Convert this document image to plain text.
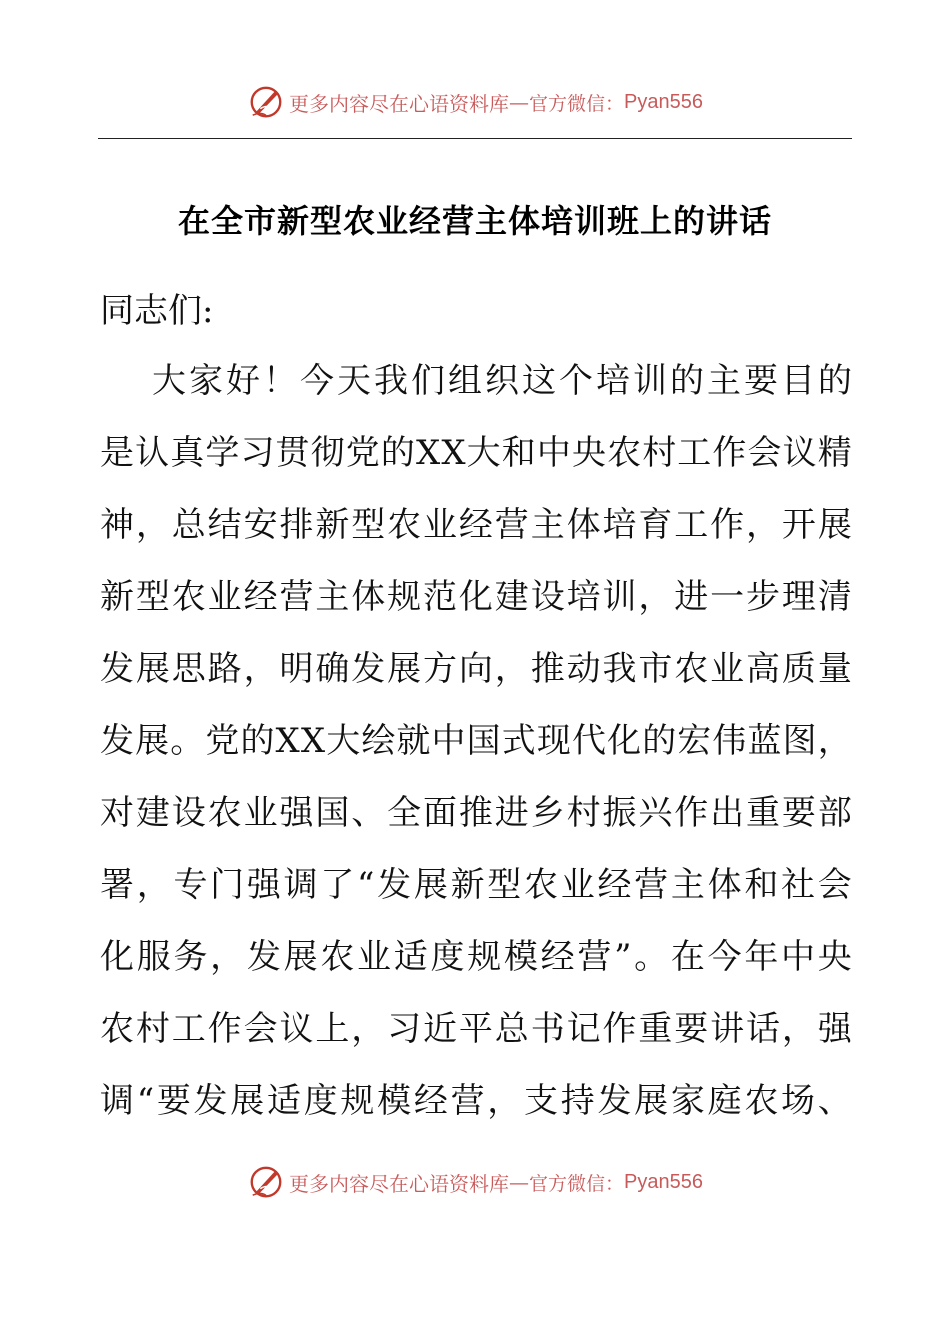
更多内容尽在心语资料库 — 官方微信： Pyan556
在全市新型农业经营主体培训班上的讲话
同志们:
大 家 好 ！ 今 天 我 们 组 织 这 个 培 训 的 主 要 目 的
是 认 真 学 习 贯 彻 党 的 X X 大 和 中 央 农 村 工 作 会 议 精
神 ， 总 结 安 排 新 型 农 业 经 营 主 体 培 育 工 作 ， 开 展
新 型 农 业 经 营 主 体 规 范 化 建 设 培 训 ， 进 一 步 理 清
发 展 思 路 ， 明 确 发 展 方 向 ， 推 动 我 市 农 业 高 质 量
发 展 。 党 的 X X 大 绘 就 中 国 式 现 代 化 的 宏 伟 蓝 图 ，
对 建 设 农 业 强 国 、 全 面 推 进 乡 村 振 兴 作 出 重 要 部
署 ， 专 门 强 调 了 “ 发 展 新 型 农 业 经 营 主 体 和 社 会
化 服 务 ， 发 展 农 业 适 度 规 模 经 营 ” 。 在 今 年 中 央
农 村 工 作 会 议 上 ， 习 近 平 总 书 记 作 重 要 讲 话 ， 强
调 “ 要 发 展 适 度 规 模 经 营 ， 支 持 发 展 家 庭 农 场 、
更多内容尽在心语资料库 — 官方微信： Pyan556
